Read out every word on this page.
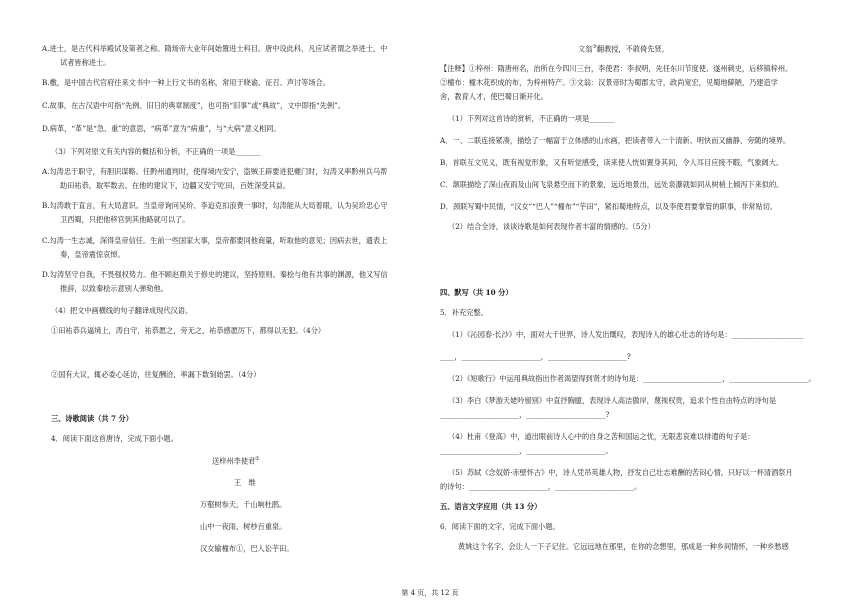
A.进士，是古代科举殿试及第者之称。隋炀帝大业年间始置进士科目。唐中设此科，凡应试者谓之举进士，中
试者皆称进士。
B.檄，是中国古代官府往来文书中一种上行文书的名称，常用于晓谕、征召、声讨等场合。
C.故事，在古汉语中可指“先例、旧日的典章制度”，也可指“旧事”或“典故”，文中即指“先例”。
D.病革，“革”是“急、重”的意思，“病革”意为“病重”，与“大病”意义相同。
（3）下列对原文有关内容的概括和分析，不正确的一项是_______
A.勾涛忠于职守，有胆识谋略。任黔州通判时，使得境内安宁，盗贼王辟要进犯夔门时，勾涛又率黔州兵马帮
助田祐恭，取军数去。在他的建议下，边疆又安宁吃田，百姓深受其益。
B.勾涛敢于直言，有大局意识。当皇帝询问吴玠、李迨克扣浪费一事时，勾涛能从大局着眼，认为吴玠忠心守
卫西蜀，只把他移官到其他路就可以了。
C.勾涛一生志诚，深得皇帝信任。生前一些国家大事，皇帝都要同他商量，听取他的意见；因病去世，遗表上
奏，皇帝震惊哀悼。
D.勾涛坚守自我，不畏强权势力。他不顾赵鼎关于修史的建议，坚持原则。秦桧与他有共事的渊源，他又写信
推辞，以致秦桧示意别人弹劾他。
（4）把文中画横线的句子翻译成现代汉语。
①田祐恭兵逼境上，涛白守，祐恭愿之，旁无之，祐恭感愿厉下，都得以无犯。（4分）
②国有大议，辄必委心延访，往复酬洽，率漏下数刻始罢。（4分）
三、诗歌阅读（共 7 分）
4．阅读下面这首唐诗，完成下面小题。
送梓州李使君①
王　维
万壑树参天，千山响杜鹃。
山中一夜雨，树杪百重泉。
汉女输橦布①，巴人讼芋田。
文翁③翻教授，不敢倚先贤。
【注释】①梓州：隋唐州名，治所在今四川三台，李使君：李叔明，先任东川节度使、遂州刺史，后移镇梓州。
②橦布：橦木花织成的布，为梓州特产。③文翁：汉景帝时为蜀郡太守，政尚宽宏，见蜀地僻陋，乃建造学
舍，教育人才，使巴蜀日渐开化。
（1）下列对这首诗的赏析，不正确的一项是_______
A．一、二联连接紧凑，描绘了一幅富于立体感的山水画，把读者带入一个清新、明快而又幽静、旁随的境界。
B．首联互文见义，既有视觉形象，又有听觉感受，读来使人恍如置身其间，令人耳目应接不暇，气象阔大。
C．颔联描绘了深山夜雨及山间飞泉悬空而下的景象，远近地景出，远处泉瀑就如同从树梢上倾泻下来似的。
D．颈联写蜀中民情，“汉女”“巴人”“橦布”“芋田”，紧扣蜀地特点，以及李使君要掌管的职事，非常贴切。
（2）结合全诗，谈谈诗歌是如何表现作者丰富的情感的。（5分）
四、默写（共 10 分）
5．补充完整。
（1）《沁园春·长沙》中，面对大千世界，诗人发出慨叹，表现诗人的雄心壮志的诗句是：____________________
____，______________________，______________________?
（2）《短歌行》中运用典故指出作者渴望得到贤才的诗句是：______________________，______________________。
（3）李白《梦游天姥吟留别》中直抒胸臆，表现诗人高洁傲岸，蔑视权贵，追求个性自由特点的诗句是
______________________，______________________?
（4）杜甫《登高》中，道出眼前诗人心中的自身之苦和国运之忧，无限悲哀难以排遣的句子是：
______________________，______________________。
（5）苏轼《念奴娇·赤壁怀古》中，诗人凭吊英雄人物，抒发自己壮志难酬的苦闷心情，只好以一杯清酒祭月
的诗句：______________________，______________________。
五、语言文字应用（共 13 分）
6．阅读下面的文字，完成下面小题。
黄姚这个名字，会让人一下子记住。它远远地在那里，在你的念想里，那成是一种乡间情怀，一种乡愁感
第 4 页，共 12 页
